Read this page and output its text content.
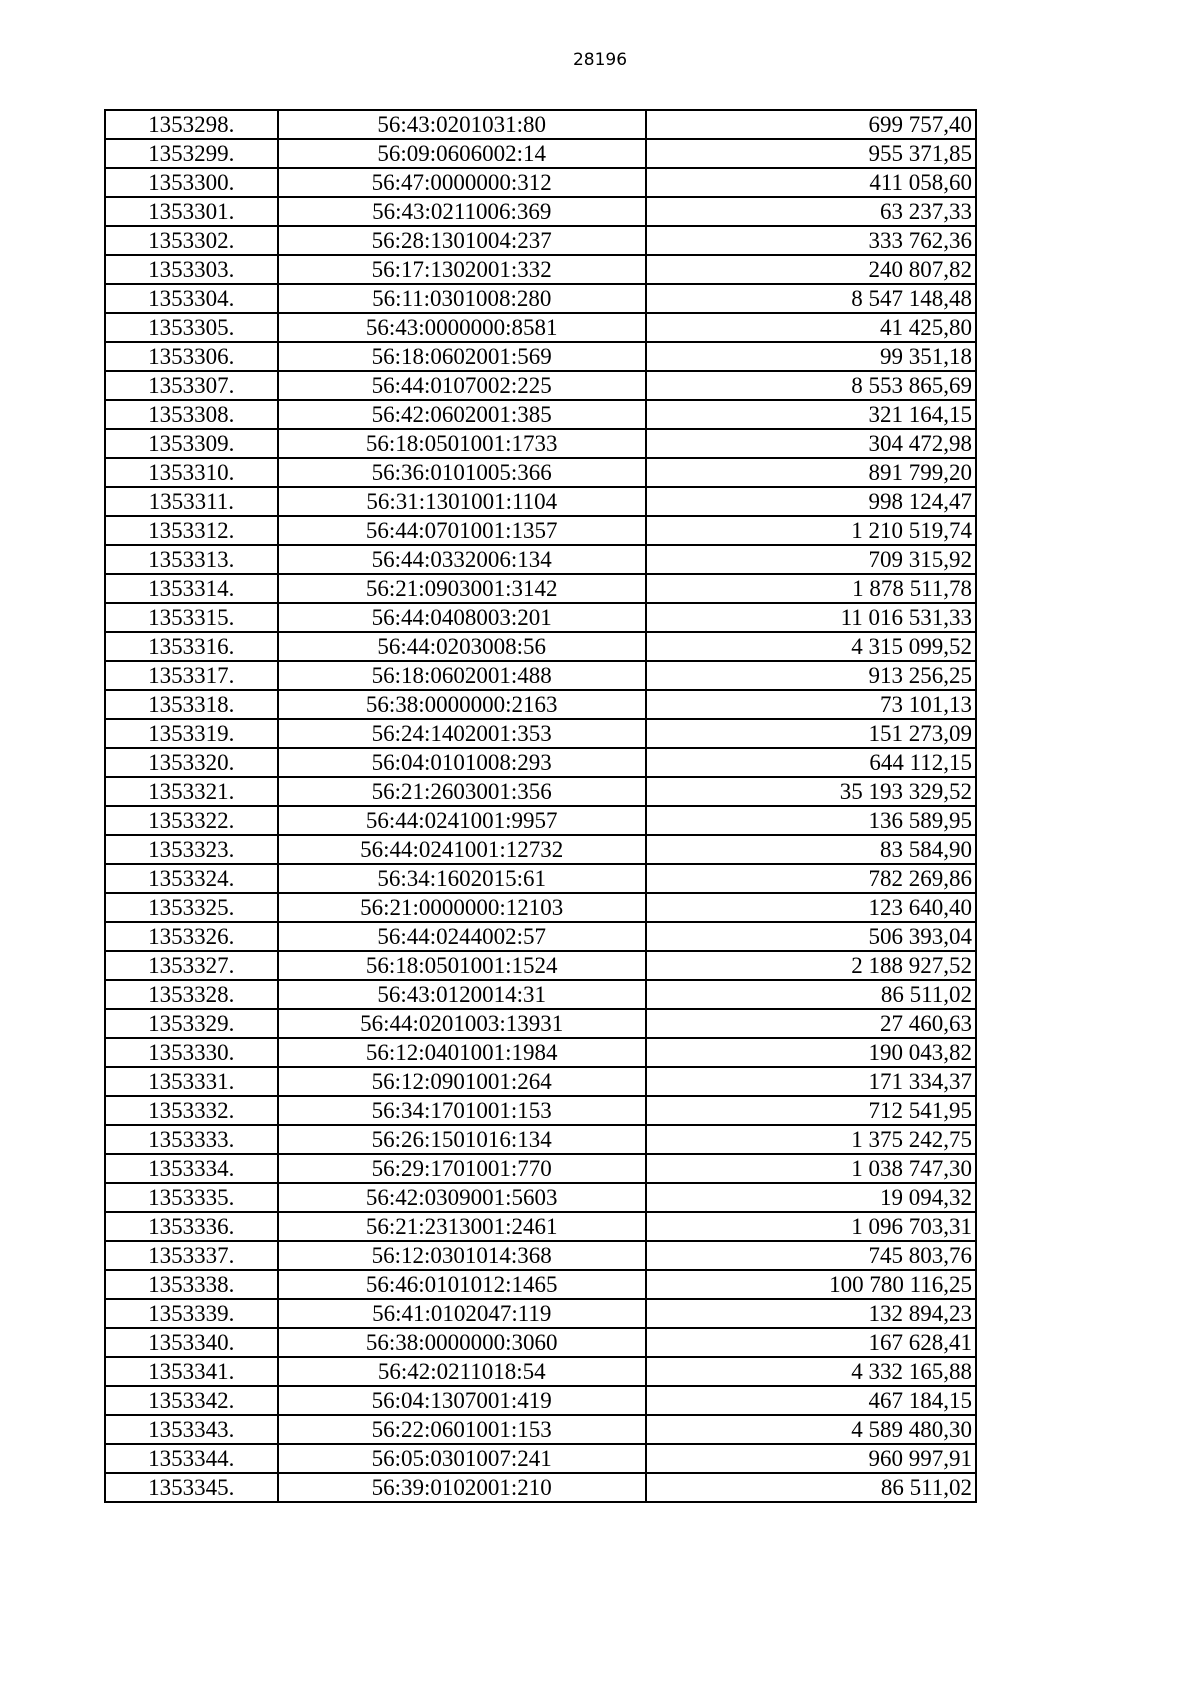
28196
1353298.	56:43:0201031:80	699 757,40
1353299.	56:09:0606002:14	955 371,85
1353300.	56:47:0000000:312	411 058,60
1353301.	56:43:0211006:369	63 237,33
1353302.	56:28:1301004:237	333 762,36
1353303.	56:17:1302001:332	240 807,82
1353304.	56:11:0301008:280	8 547 148,48
1353305.	56:43:0000000:8581	41 425,80
1353306.	56:18:0602001:569	99 351,18
1353307.	56:44:0107002:225	8 553 865,69
1353308.	56:42:0602001:385	321 164,15
1353309.	56:18:0501001:1733	304 472,98
1353310.	56:36:0101005:366	891 799,20
1353311.	56:31:1301001:1104	998 124,47
1353312.	56:44:0701001:1357	1 210 519,74
1353313.	56:44:0332006:134	709 315,92
1353314.	56:21:0903001:3142	1 878 511,78
1353315.	56:44:0408003:201	11 016 531,33
1353316.	56:44:0203008:56	4 315 099,52
1353317.	56:18:0602001:488	913 256,25
1353318.	56:38:0000000:2163	73 101,13
1353319.	56:24:1402001:353	151 273,09
1353320.	56:04:0101008:293	644 112,15
1353321.	56:21:2603001:356	35 193 329,52
1353322.	56:44:0241001:9957	136 589,95
1353323.	56:44:0241001:12732	83 584,90
1353324.	56:34:1602015:61	782 269,86
1353325.	56:21:0000000:12103	123 640,40
1353326.	56:44:0244002:57	506 393,04
1353327.	56:18:0501001:1524	2 188 927,52
1353328.	56:43:0120014:31	86 511,02
1353329.	56:44:0201003:13931	27 460,63
1353330.	56:12:0401001:1984	190 043,82
1353331.	56:12:0901001:264	171 334,37
1353332.	56:34:1701001:153	712 541,95
1353333.	56:26:1501016:134	1 375 242,75
1353334.	56:29:1701001:770	1 038 747,30
1353335.	56:42:0309001:5603	19 094,32
1353336.	56:21:2313001:2461	1 096 703,31
1353337.	56:12:0301014:368	745 803,76
1353338.	56:46:0101012:1465	100 780 116,25
1353339.	56:41:0102047:119	132 894,23
1353340.	56:38:0000000:3060	167 628,41
1353341.	56:42:0211018:54	4 332 165,88
1353342.	56:04:1307001:419	467 184,15
1353343.	56:22:0601001:153	4 589 480,30
1353344.	56:05:0301007:241	960 997,91
1353345.	56:39:0102001:210	86 511,02
